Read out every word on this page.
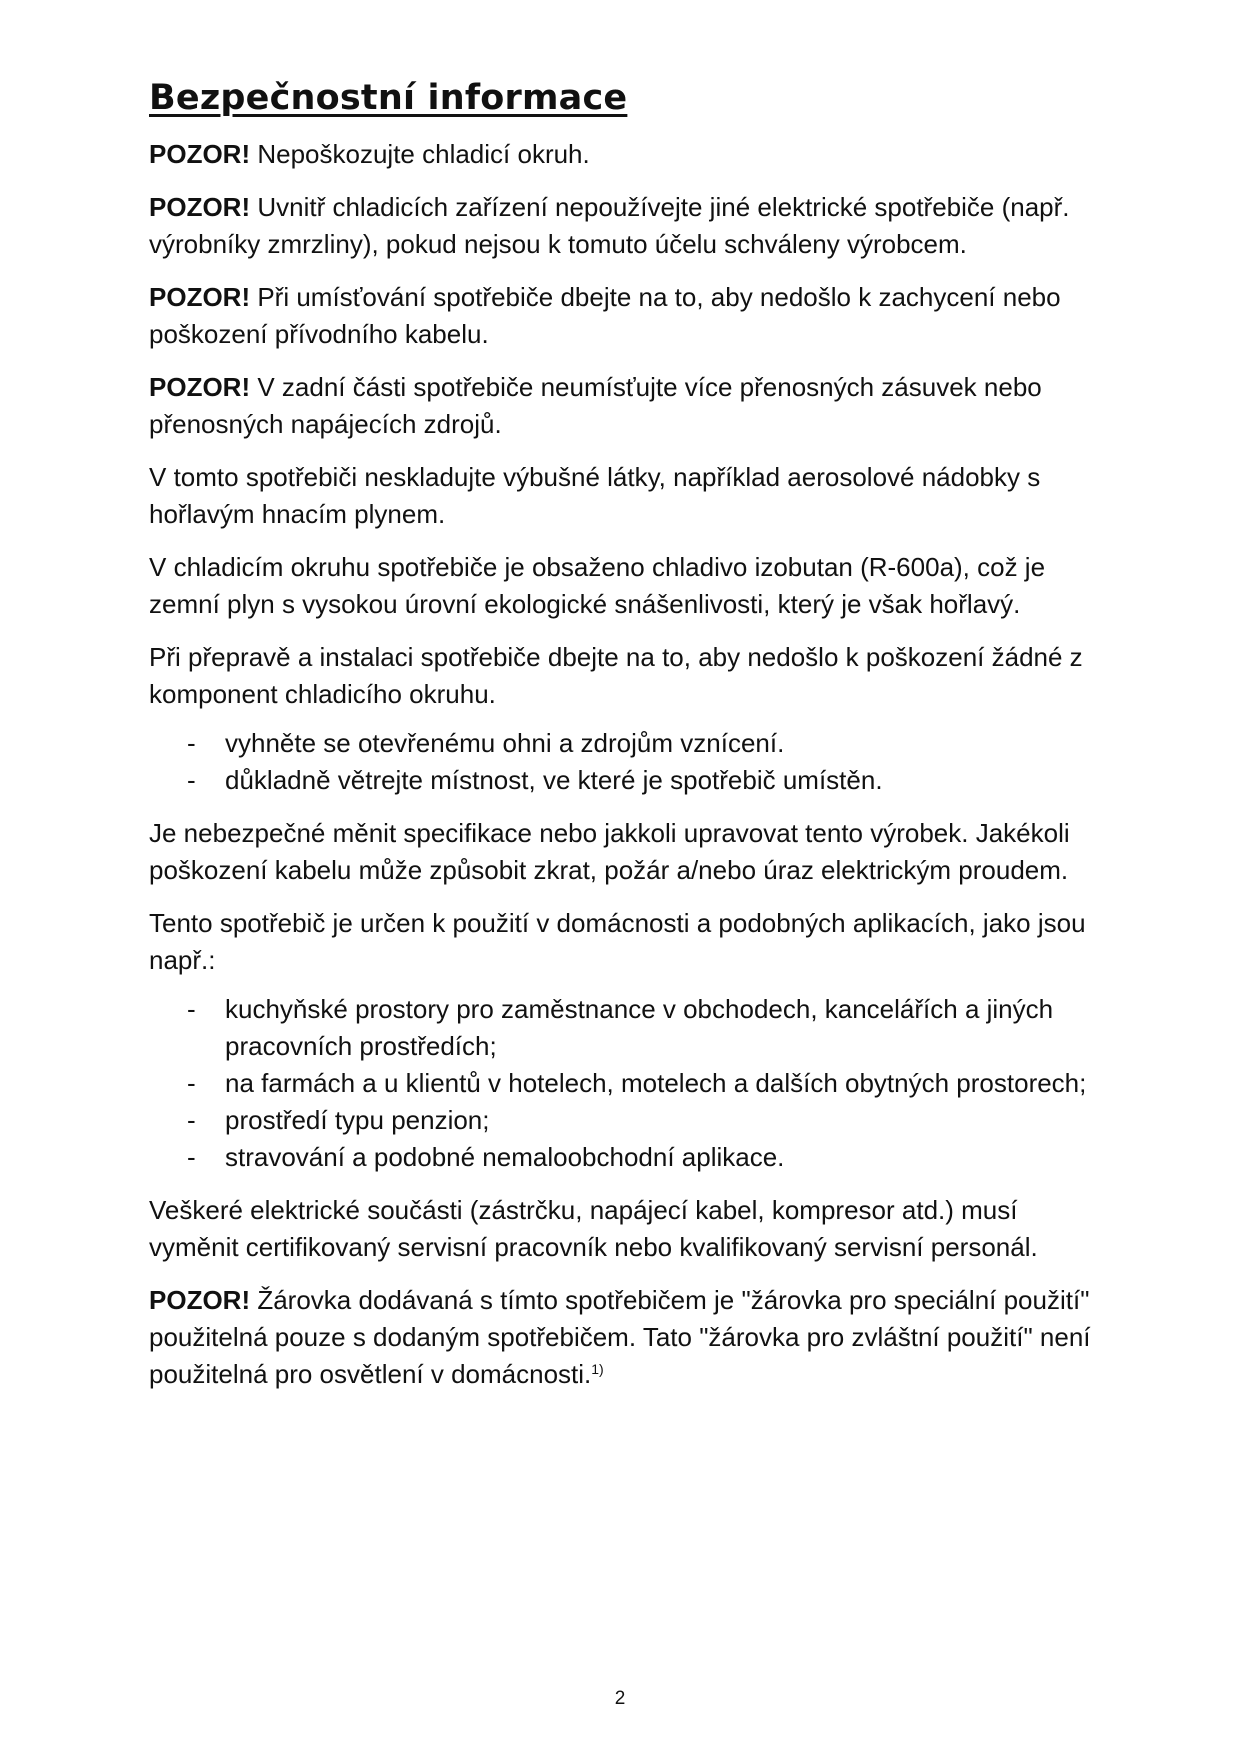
Bezpečnostní informace

POZOR! Nepoškozujte chladicí okruh.

POZOR! Uvnitř chladicích zařízení nepoužívejte jiné elektrické spotřebiče (např. výrobníky zmrzliny), pokud nejsou k tomuto účelu schváleny výrobcem.

POZOR! Při umísťování spotřebiče dbejte na to, aby nedošlo k zachycení nebo poškození přívodního kabelu.

POZOR! V zadní části spotřebiče neumísťujte více přenosných zásuvek nebo přenosných napájecích zdrojů.

V tomto spotřebiči neskladujte výbušné látky, například aerosolové nádobky s hořlavým hnacím plynem.

V chladicím okruhu spotřebiče je obsaženo chladivo izobutan (R-600a), což je zemní plyn s vysokou úrovní ekologické snášenlivosti, který je však hořlavý.

Při přepravě a instalaci spotřebiče dbejte na to, aby nedošlo k poškození žádné z komponent chladicího okruhu.

- vyhněte se otevřenému ohni a zdrojům vznícení.
- důkladně větrejte místnost, ve které je spotřebič umístěn.

Je nebezpečné měnit specifikace nebo jakkoli upravovat tento výrobek. Jakékoli poškození kabelu může způsobit zkrat, požár a/nebo úraz elektrickým proudem.

Tento spotřebič je určen k použití v domácnosti a podobných aplikacích, jako jsou např.:

- kuchyňské prostory pro zaměstnance v obchodech, kancelářích a jiných pracovních prostředích;
- na farmách a u klientů v hotelech, motelech a dalších obytných prostorech;
- prostředí typu penzion;
- stravování a podobné nemaloobchodní aplikace.

Veškeré elektrické součásti (zástrčku, napájecí kabel, kompresor atd.) musí vyměnit certifikovaný servisní pracovník nebo kvalifikovaný servisní personál.

POZOR! Žárovka dodávaná s tímto spotřebičem je "žárovka pro speciální použití" použitelná pouze s dodaným spotřebičem. Tato "žárovka pro zvláštní použití" není použitelná pro osvětlení v domácnosti.$^{1)}$

2
